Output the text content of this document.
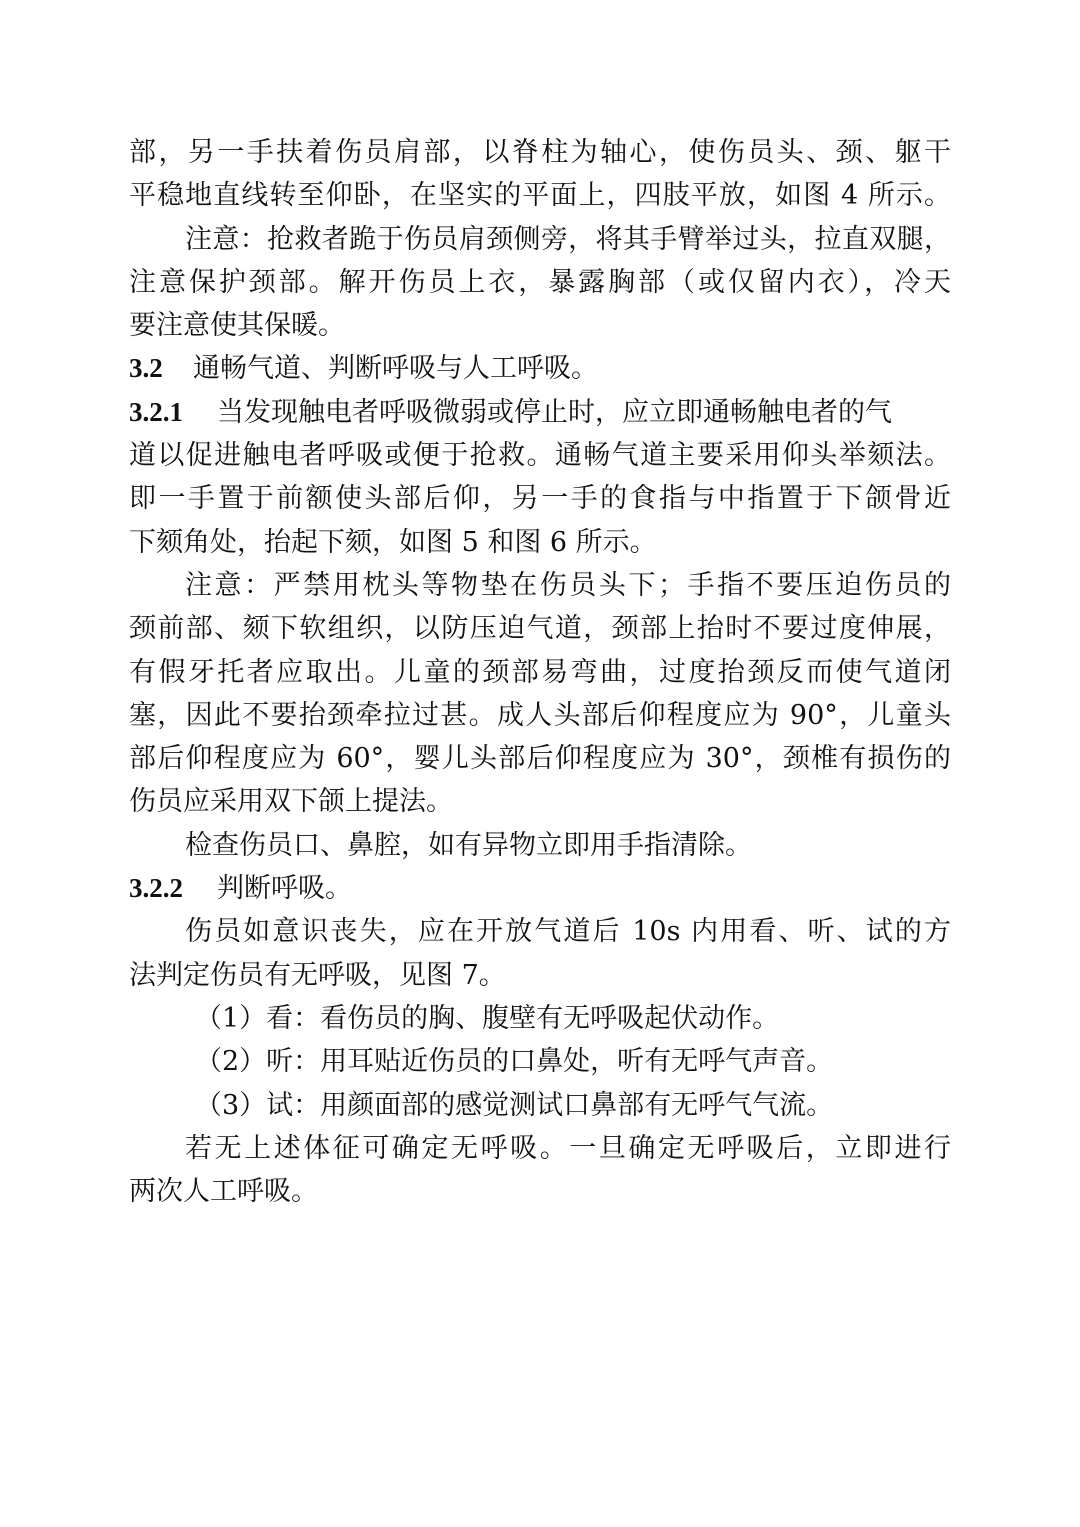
部，另一手扶着伤员肩部，以脊柱为轴心，使伤员头、颈、躯干
平稳地直线转至仰卧，在坚实的平面上，四肢平放，如图 4 所示。
注意：抢救者跪于伤员肩颈侧旁，将其手臂举过头，拉直双腿，
注意保护颈部。解开伤员上衣，暴露胸部（或仅留内衣），冷天
要注意使其保暖。
3.2 通畅气道、判断呼吸与人工呼吸。
3.2.1 当发现触电者呼吸微弱或停止时，应立即通畅触电者的气
道以促进触电者呼吸或便于抢救。通畅气道主要采用仰头举颏法。
即一手置于前额使头部后仰，另一手的食指与中指置于下颌骨近
下颏角处，抬起下颏，如图 5 和图 6 所示。
注意：严禁用枕头等物垫在伤员头下；手指不要压迫伤员的
颈前部、颏下软组织，以防压迫气道，颈部上抬时不要过度伸展，
有假牙托者应取出。儿童的颈部易弯曲，过度抬颈反而使气道闭
塞，因此不要抬颈牵拉过甚。成人头部后仰程度应为 90°，儿童头
部后仰程度应为 60°，婴儿头部后仰程度应为 30°，颈椎有损伤的
伤员应采用双下颌上提法。
检查伤员口、鼻腔，如有异物立即用手指清除。
3.2.2 判断呼吸。
伤员如意识丧失，应在开放气道后 10s 内用看、听、试的方
法判定伤员有无呼吸，见图 7。
（1）看：看伤员的胸、腹壁有无呼吸起伏动作。
（2）听：用耳贴近伤员的口鼻处，听有无呼气声音。
（3）试：用颜面部的感觉测试口鼻部有无呼气气流。
若无上述体征可确定无呼吸。一旦确定无呼吸后，立即进行
两次人工呼吸。
